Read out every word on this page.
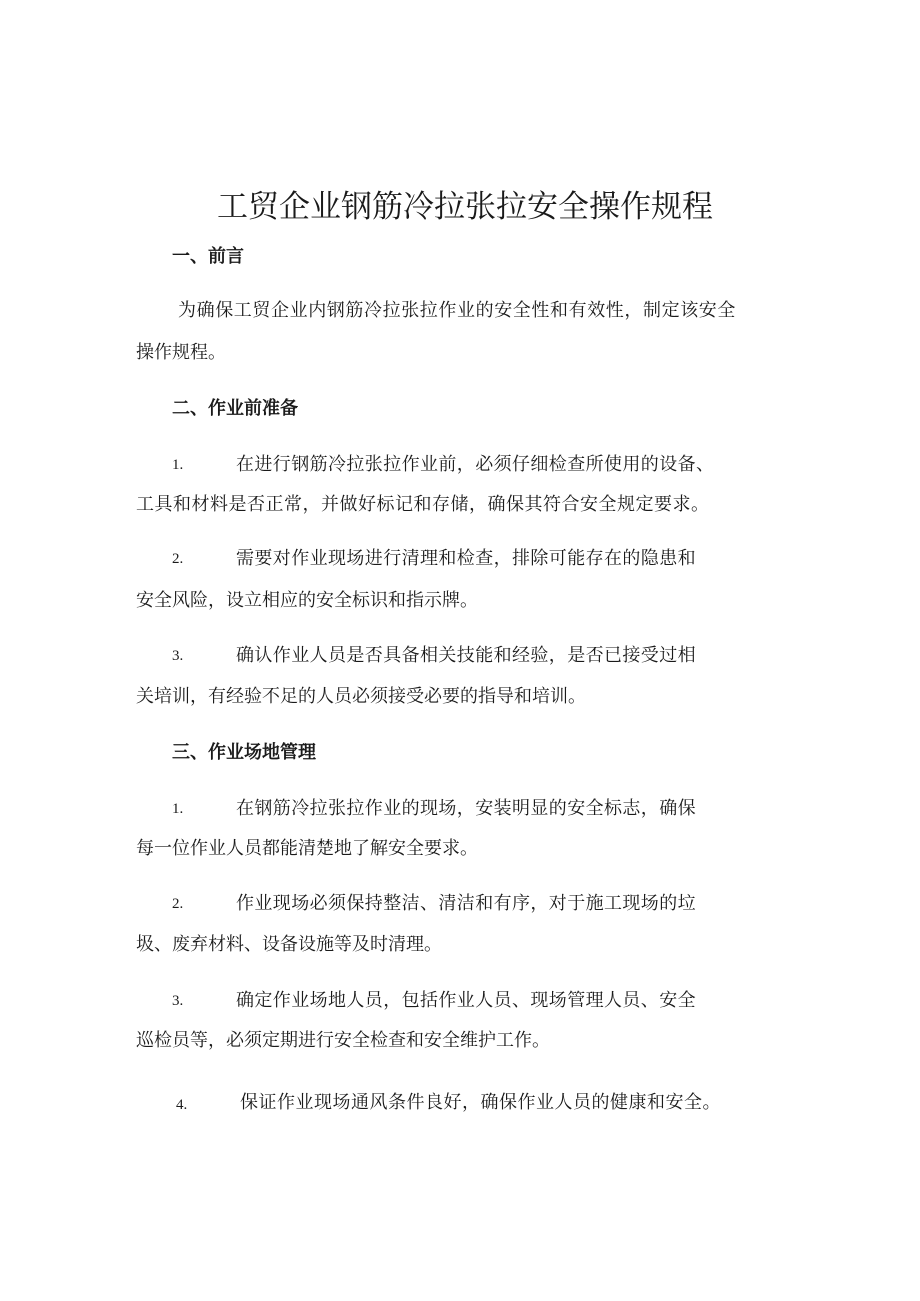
工贸企业钢筋冷拉张拉安全操作规程
一、前言
为确保工贸企业内钢筋冷拉张拉作业的安全性和有效性，制定该安全
操作规程。
二、作业前准备
1.	在进行钢筋冷拉张拉作业前，必须仔细检查所使用的设备、
工具和材料是否正常，并做好标记和存储，确保其符合安全规定要求。
2.	需要对作业现场进行清理和检查，排除可能存在的隐患和
安全风险，设立相应的安全标识和指示牌。
3.	确认作业人员是否具备相关技能和经验，是否已接受过相
关培训，有经验不足的人员必须接受必要的指导和培训。
三、作业场地管理
1.	在钢筋冷拉张拉作业的现场，安装明显的安全标志，确保
每一位作业人员都能清楚地了解安全要求。
2.	作业现场必须保持整洁、清洁和有序，对于施工现场的垃
圾、废弃材料、设备设施等及时清理。
3.	确定作业场地人员，包括作业人员、现场管理人员、安全
巡检员等，必须定期进行安全检查和安全维护工作。
4.	保证作业现场通风条件良好，确保作业人员的健康和安全。
